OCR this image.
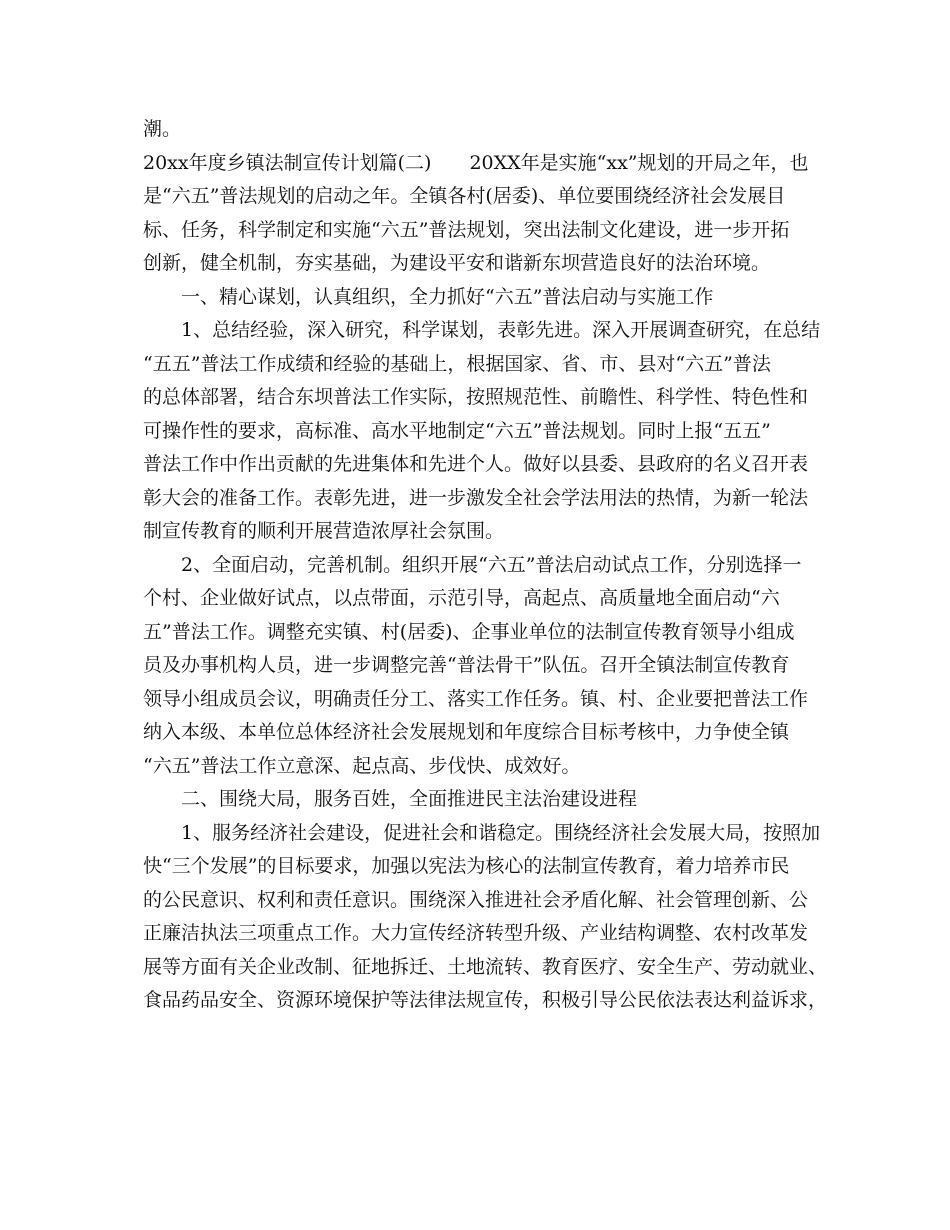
潮。
20xx年度乡镇法制宣传计划篇(二) 20XX年是实施“xx”规划的开局之年，也
是“六五”普法规划的启动之年。全镇各村(居委)、单位要围绕经济社会发展目
标、任务，科学制定和实施“六五”普法规划，突出法制文化建设，进一步开拓
创新，健全机制，夯实基础，为建设平安和谐新东坝营造良好的法治环境。
一、精心谋划，认真组织，全力抓好“六五”普法启动与实施工作
1、总结经验，深入研究，科学谋划，表彰先进。深入开展调查研究，在总结
“五五”普法工作成绩和经验的基础上，根据国家、省、市、县对“六五”普法
的总体部署，结合东坝普法工作实际，按照规范性、前瞻性、科学性、特色性和
可操作性的要求，高标准、高水平地制定“六五”普法规划。同时上报“五五”
普法工作中作出贡献的先进集体和先进个人。做好以县委、县政府的名义召开表
彰大会的准备工作。表彰先进，进一步激发全社会学法用法的热情，为新一轮法
制宣传教育的顺利开展营造浓厚社会氛围。
2、全面启动，完善机制。组织开展“六五”普法启动试点工作，分别选择一
个村、企业做好试点，以点带面，示范引导，高起点、高质量地全面启动“六
五”普法工作。调整充实镇、村(居委)、企事业单位的法制宣传教育领导小组成
员及办事机构人员，进一步调整完善“普法骨干”队伍。召开全镇法制宣传教育
领导小组成员会议，明确责任分工、落实工作任务。镇、村、企业要把普法工作
纳入本级、本单位总体经济社会发展规划和年度综合目标考核中，力争使全镇
“六五”普法工作立意深、起点高、步伐快、成效好。
二、围绕大局，服务百姓，全面推进民主法治建设进程
1、服务经济社会建设，促进社会和谐稳定。围绕经济社会发展大局，按照加
快“三个发展”的目标要求，加强以宪法为核心的法制宣传教育，着力培养市民
的公民意识、权利和责任意识。围绕深入推进社会矛盾化解、社会管理创新、公
正廉洁执法三项重点工作。大力宣传经济转型升级、产业结构调整、农村改革发
展等方面有关企业改制、征地拆迁、土地流转、教育医疗、安全生产、劳动就业、
食品药品安全、资源环境保护等法律法规宣传，积极引导公民依法表达利益诉求，
